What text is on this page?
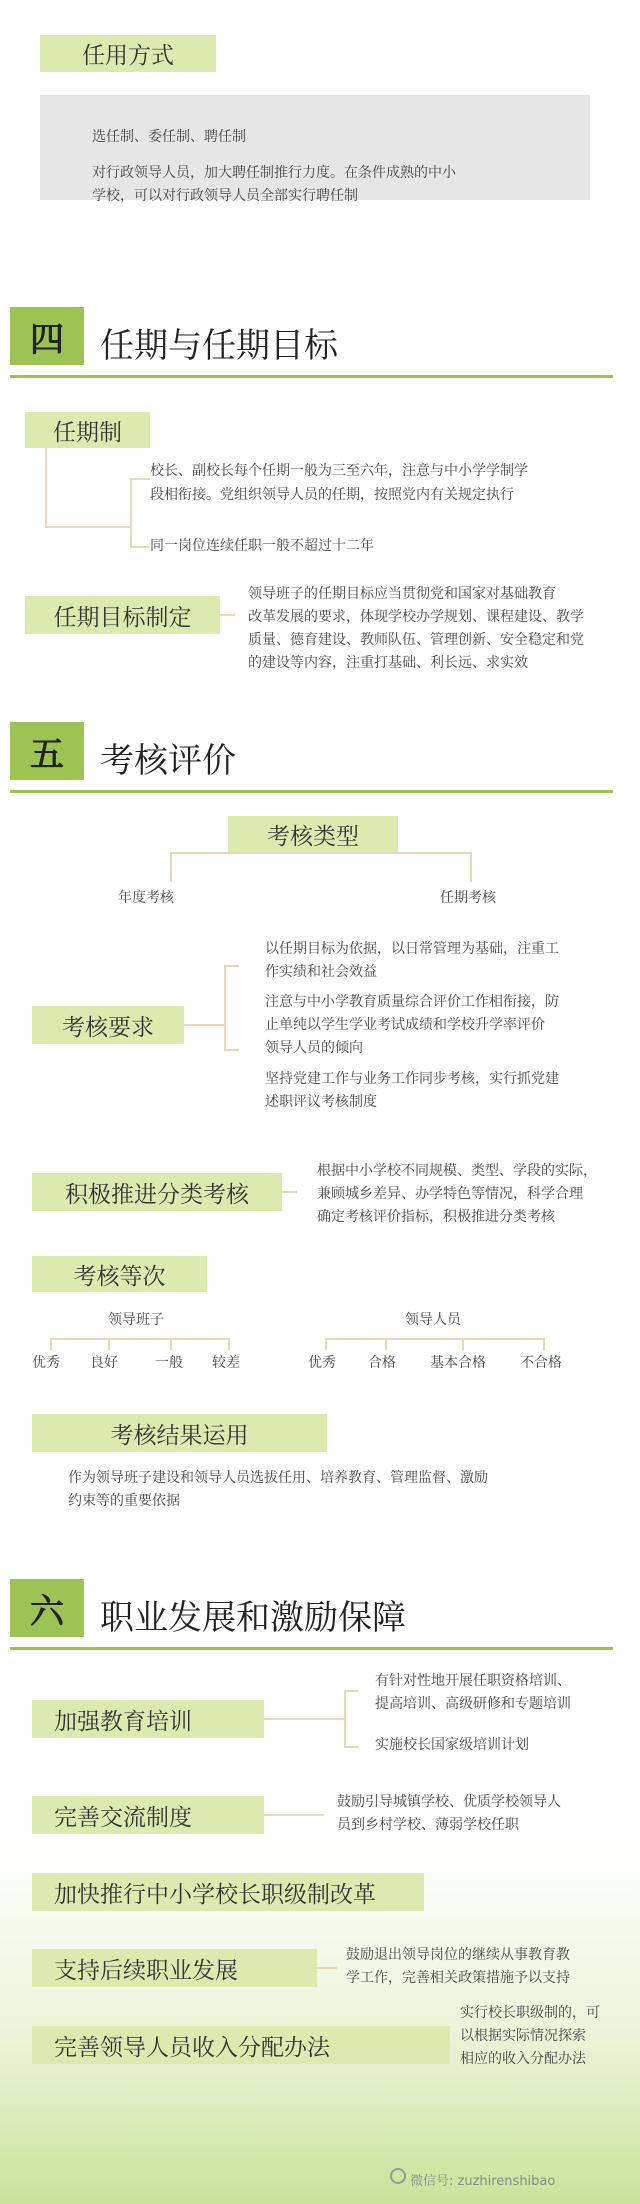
任用方式
选任制、委任制、聘任制
对行政领导人员，加大聘任制推行力度。在条件成熟的中小
学校，可以对行政领导人员全部实行聘任制
四	任期与任期目标
任期制
校长、副校长每个任期一般为三至六年，注意与中小学学制学
段相衔接。党组织领导人员的任期，按照党内有关规定执行
同一岗位连续任职一般不超过十二年
任期目标制定
领导班子的任期目标应当贯彻党和国家对基础教育
改革发展的要求，体现学校办学规划、课程建设、教学
质量、德育建设、教师队伍、管理创新、安全稳定和党
的建设等内容，注重打基础、利长远、求实效
五	考核评价
考核类型
年度考核	任期考核
考核要求
以任期目标为依据，以日常管理为基础，注重工
作实绩和社会效益
注意与中小学教育质量综合评价工作相衔接，防
止单纯以学生学业考试成绩和学校升学率评价
领导人员的倾向
坚持党建工作与业务工作同步考核，实行抓党建
述职评议考核制度
积极推进分类考核
根据中小学校不同规模、类型、学段的实际，
兼顾城乡差异、办学特色等情况，科学合理
确定考核评价指标，积极推进分类考核
考核等次
领导班子	领导人员
优秀 良好	一般 较差	优秀 合格 基本合格 不合格
考核结果运用
作为领导班子建设和领导人员选拔任用、培养教育、管理监督、激励
约束等的重要依据
六	职业发展和激励保障
加强教育培训
有针对性地开展任职资格培训、
提高培训、高级研修和专题培训
实施校长国家级培训计划
完善交流制度
鼓励引导城镇学校、优质学校领导人
员到乡村学校、薄弱学校任职
加快推行中小学校长职级制改革
支持后续职业发展
鼓励退出领导岗位的继续从事教育教
学工作，完善相关政策措施予以支持
完善领导人员收入分配办法
实行校长职级制的，可
以根据实际情况探索
相应的收入分配办法
微信号: zuzhirenshibao
